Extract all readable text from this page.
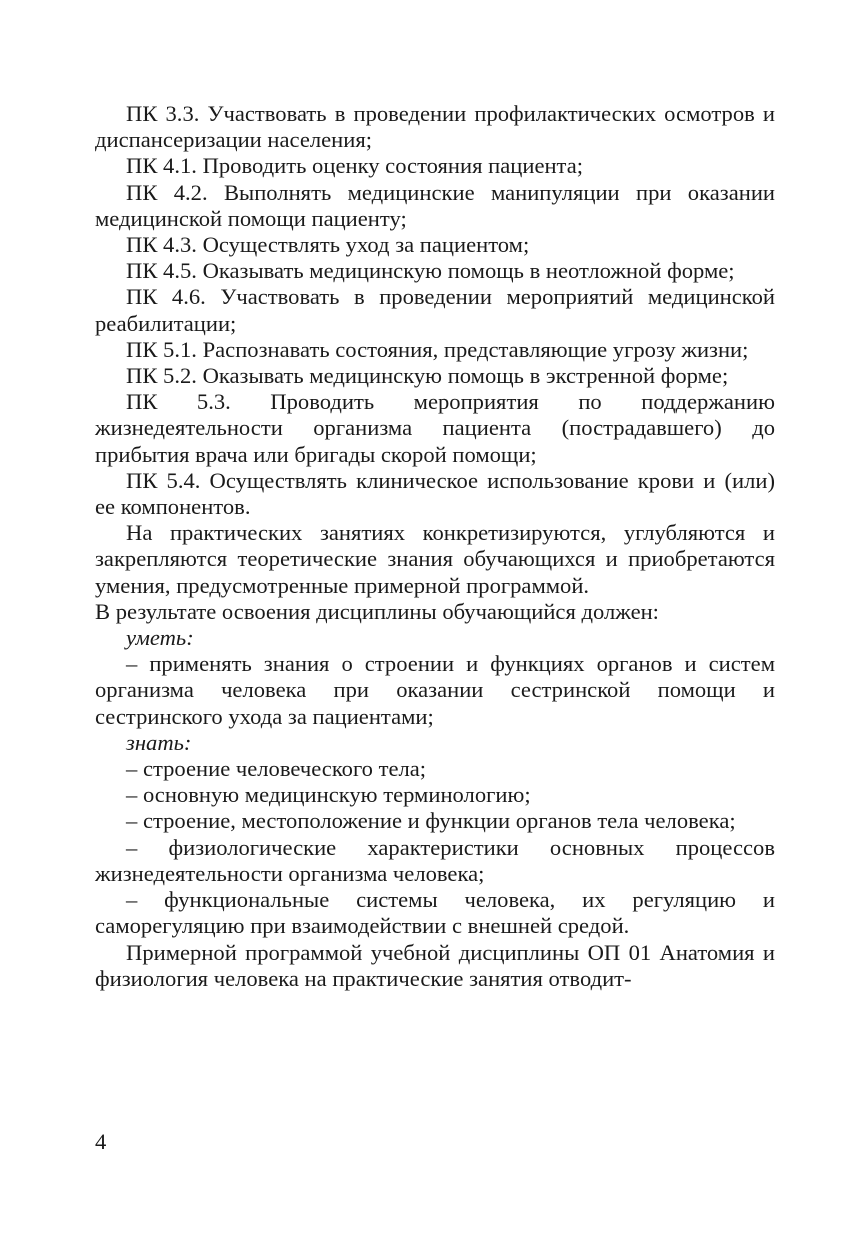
ПК 3.3. Участвовать в проведении профилактических осмотров и диспансеризации населения;

ПК 4.1. Проводить оценку состояния пациента;

ПК 4.2. Выполнять медицинские манипуляции при оказании медицинской помощи пациенту;

ПК 4.3. Осуществлять уход за пациентом;

ПК 4.5. Оказывать медицинскую помощь в неотложной форме;

ПК 4.6. Участвовать в проведении мероприятий медицинской реабилитации;

ПК 5.1. Распознавать состояния, представляющие угрозу жизни;

ПК 5.2. Оказывать медицинскую помощь в экстренной форме;

ПК 5.3. Проводить мероприятия по поддержанию жизнедеятельности организма пациента (пострадавшего) до прибытия врача или бригады скорой помощи;

ПК 5.4. Осуществлять клиническое использование крови и (или) ее компонентов.

На практических занятиях конкретизируются, углубляются и закрепляются теоретические знания обучающихся и приобретаются умения, предусмотренные примерной программой.

В результате освоения дисциплины обучающийся должен:

уметь:

– применять знания о строении и функциях органов и систем организма человека при оказании сестринской помощи и сестринского ухода за пациентами;

знать:

– строение человеческого тела;

– основную медицинскую терминологию;

– строение, местоположение и функции органов тела человека;

– физиологические характеристики основных процессов жизнедеятельности организма человека;

– функциональные системы человека, их регуляцию и саморегуляцию при взаимодействии с внешней средой.

Примерной программой учебной дисциплины ОП 01 Анатомия и физиология человека на практические занятия отводит-

4
